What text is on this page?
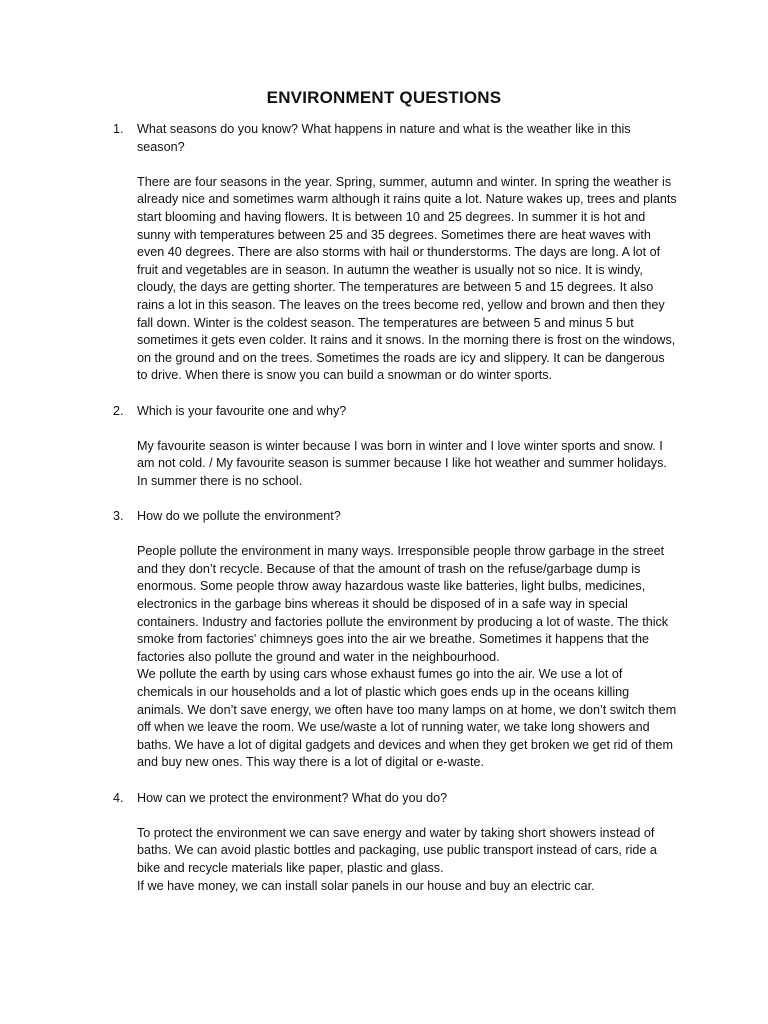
ENVIRONMENT QUESTIONS
1.	What seasons do you know? What happens in nature and what is the weather like in this season?

There are four seasons in the year. Spring, summer, autumn and winter. In spring the weather is already nice and sometimes warm although it rains quite a lot. Nature wakes up, trees and plants start blooming and having flowers. It is between 10 and 25 degrees. In summer it is hot and sunny with temperatures between 25 and 35 degrees. Sometimes there are heat waves with even 40 degrees. There are also storms with hail or thunderstorms. The days are long. A lot of fruit and vegetables are in season. In autumn the weather is usually not so nice. It is windy, cloudy, the days are getting shorter. The temperatures are between 5 and 15 degrees. It also rains a lot in this season. The leaves on the trees become red, yellow and brown and then they fall down. Winter is the coldest season. The temperatures are between 5 and minus 5 but sometimes it gets even colder. It rains and it snows. In the morning there is frost on the windows, on the ground and on the trees. Sometimes the roads are icy and slippery. It can be dangerous to drive. When there is snow you can build a snowman or do winter sports.

2.	Which is your favourite one and why?

My favourite season is winter because I was born in winter and I love winter sports and snow. I am not cold. / My favourite season is summer because I like hot weather and summer holidays. In summer there is no school.

3.	How do we pollute the environment?

People pollute the environment in many ways. Irresponsible people throw garbage in the street and they don’t recycle. Because of that the amount of trash on the refuse/garbage dump is enormous. Some people throw away hazardous waste like batteries, light bulbs, medicines, electronics in the garbage bins whereas it should be disposed of in a safe way in special containers. Industry and factories pollute the environment by producing a lot of waste. The thick smoke from factories' chimneys goes into the air we breathe. Sometimes it happens that the factories also pollute the ground and water in the neighbourhood.

We pollute the earth by using cars whose exhaust fumes go into the air. We use a lot of chemicals in our households and a lot of plastic which goes ends up in the oceans killing animals. We don’t save energy, we often have too many lamps on at home, we don’t switch them off when we leave the room. We use/waste a lot of running water, we take long showers and baths. We have a lot of digital gadgets and devices and when they get broken we get rid of them and buy new ones. This way there is a lot of digital or e-waste.

4.	How can we protect the environment? What do you do?

To protect the environment we can save energy and water by taking short showers instead of baths. We can avoid plastic bottles and packaging, use public transport instead of cars, ride a bike and recycle materials like paper, plastic and glass.

If we have money, we can install solar panels in our house and buy an electric car.
